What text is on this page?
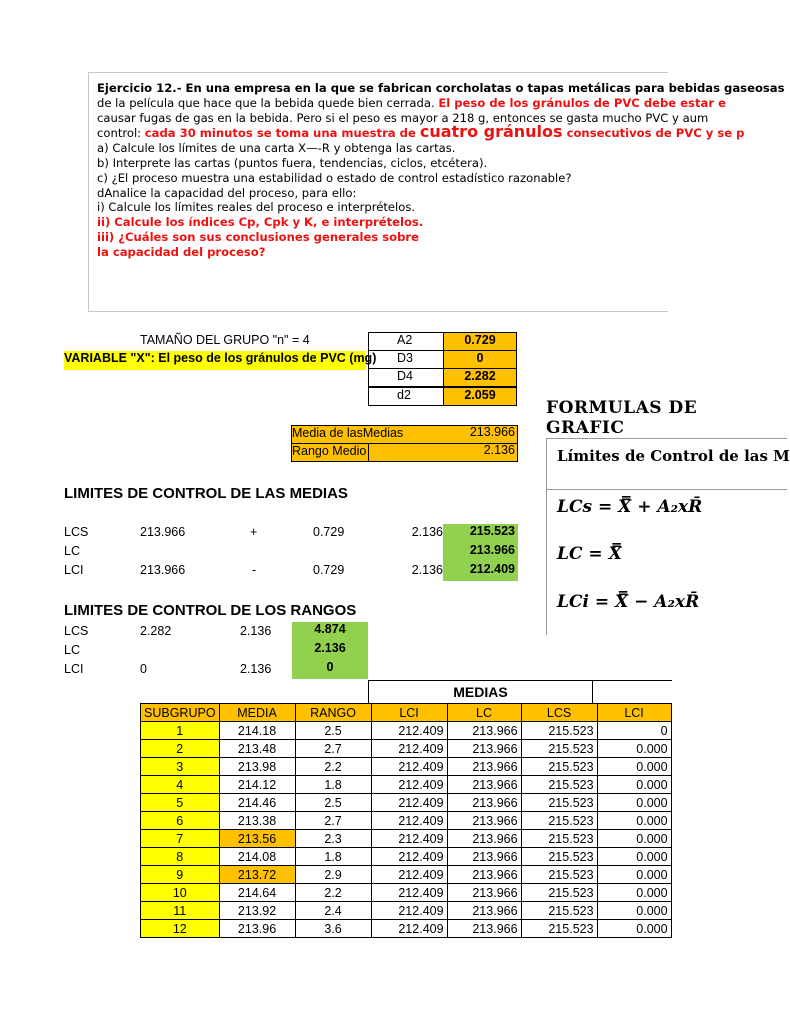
Ejercicio 12.- En una empresa en la que se fabrican corcholatas o tapas metálicas para bebidas gaseosas

de la película que hace que la bebida quede bien cerrada. El peso de los gránulos de PVC debe estar e

causar fugas de gas en la bebida. Pero si el peso es mayor a 218 g, entonces se gasta mucho PVC y aum

control: cada 30 minutos se toma una muestra de cuatro gránulos consecutivos de PVC y se p

a) Calcule los límites de una carta X—-R y obtenga las cartas.

b) Interprete las cartas (puntos fuera, tendencias, ciclos, etcétera).

c) ¿El proceso muestra una estabilidad o estado de control estadístico razonable?

dAnalice la capacidad del proceso, para ello:

i) Calcule los límites reales del proceso e interprételos.

ii) Calcule los índices Cp, Cpk y K, e interprételos.

iii) ¿Cuáles son sus conclusiones generales sobre

la capacidad del proceso?

TAMAÑO DEL GRUPO "n" = 4
VARIABLE "X": El peso de los gránulos de PVC (mg)
A2	0.729
D3	0
D4	2.282
d2	2.059
Media de lasMedias	213.966
Rango Medio	2.136
LIMITES DE CONTROL DE LAS MEDIAS
LCS	213.966	+	0.729	2.136	215.523
LC	213.966
LCI	213.966	-	0.729	2.136	212.409
LIMITES DE CONTROL DE LOS RANGOS
LCS	2.282	2.136	4.874
LC	2.136
LCI	0	2.136	0
FORMULAS DE GRAFIC
Límites de Control de las M
LCs = X̿ + A₂xR̄
LC = X̿
LCi = X̿ − A₂xR̄
MEDIAS
SUBGRUPO	MEDIA	RANGO	LCI	LC	LCS	LCI
1	214.18	2.5	212.409	213.966	215.523	0
2	213.48	2.7	212.409	213.966	215.523	0.000
3	213.98	2.2	212.409	213.966	215.523	0.000
4	214.12	1.8	212.409	213.966	215.523	0.000
5	214.46	2.5	212.409	213.966	215.523	0.000
6	213.38	2.7	212.409	213.966	215.523	0.000
7	213.56	2.3	212.409	213.966	215.523	0.000
8	214.08	1.8	212.409	213.966	215.523	0.000
9	213.72	2.9	212.409	213.966	215.523	0.000
10	214.64	2.2	212.409	213.966	215.523	0.000
11	213.92	2.4	212.409	213.966	215.523	0.000
12	213.96	3.6	212.409	213.966	215.523	0.000
